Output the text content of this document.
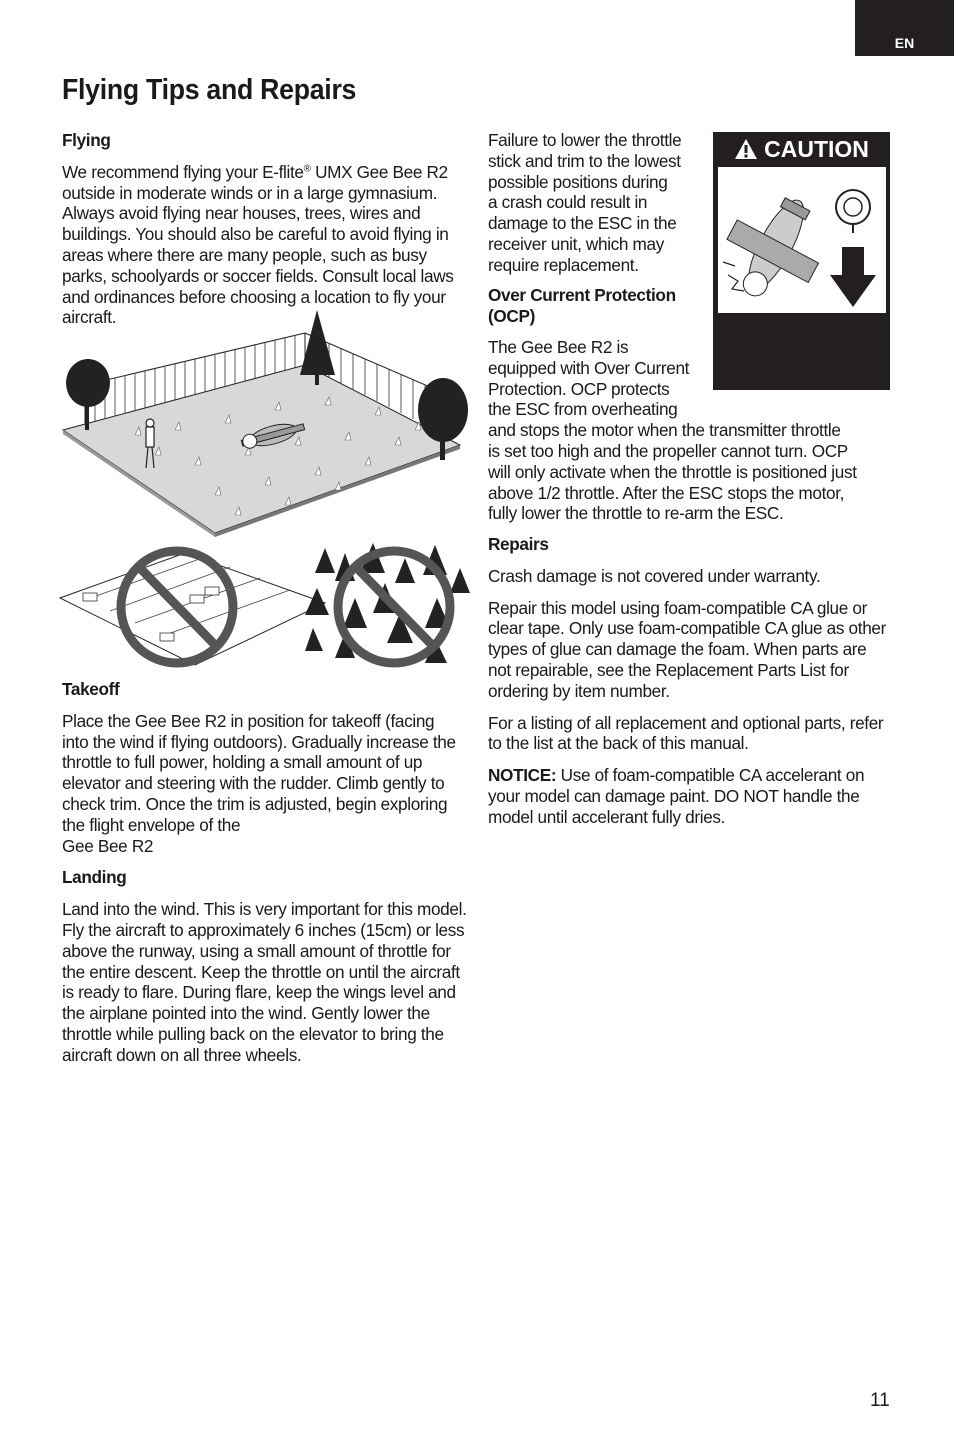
EN
Flying Tips and Repairs

Flying

We recommend flying your E-flite® UMX Gee Bee R2 outside in moderate winds or in a large gymnasium. Always avoid flying near houses, trees, wires and buildings. You should also be careful to avoid flying in areas where there are many people, such as busy parks, schoolyards or soccer fields. Consult local laws and ordinances before choosing a location to fly your aircraft.

Takeoff

Place the Gee Bee R2 in position for takeoff (facing into the wind if flying outdoors). Gradually increase the throttle to full power, holding a small amount of up elevator and steering with the rudder. Climb gently to check trim. Once the trim is adjusted, begin exploring the flight envelope of the
Gee Bee R2

Landing

Land into the wind. This is very important for this model. Fly the aircraft to approximately 6 inches (15cm) or less above the runway, using a small amount of throttle for the entire descent. Keep the throttle on until the aircraft is ready to flare. During flare, keep the wings level and the airplane pointed into the wind. Gently lower the throttle while pulling back on the elevator to bring the aircraft down on all three wheels.

Failure to lower the throttle
stick and trim to the lowest
possible positions during
a crash could result in
damage to the ESC in the
receiver unit, which may
require replacement.

Over Current Protection
(OCP)

The Gee Bee R2 is
equipped with Over Current
Protection. OCP protects
the ESC from overheating
and stops the motor when the transmitter throttle
is set too high and the propeller cannot turn. OCP
will only activate when the throttle is positioned just
above 1/2 throttle. After the ESC stops the motor,
fully lower the throttle to re-arm the ESC.

CAUTION

Repairs

Crash damage is not covered under warranty.

Repair this model using foam-compatible CA glue or clear tape. Only use foam-compatible CA glue as other types of glue can damage the foam. When parts are not repairable, see the Replacement Parts List for ordering by item number.

For a listing of all replacement and optional parts, refer to the list at the back of this manual.

NOTICE: Use of foam-compatible CA accelerant on your model can damage paint. DO NOT handle the model until accelerant fully dries.

11
